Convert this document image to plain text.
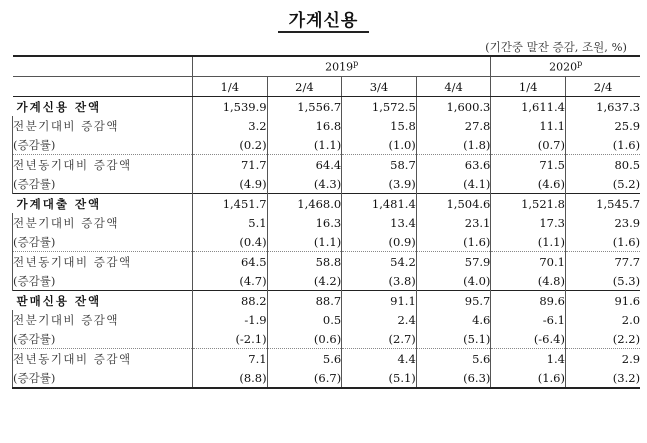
가계신용
(기간중 말잔 증감, 조원, %)
	2019$^p$				2020$^p$
	1/4	2/4	3/4	4/4	1/4	2/4
가계신용 잔액	1,539.9	1,556.7	1,572.5	1,600.3	1,611.4	1,637.3
전분기대비 증감액	3.2	16.8	15.8	27.8	11.1	25.9
(증감률)	(0.2)	(1.1)	(1.0)	(1.8)	(0.7)	(1.6)
전년동기대비 증감액	71.7	64.4	58.7	63.6	71.5	80.5
(증감률)	(4.9)	(4.3)	(3.9)	(4.1)	(4.6)	(5.2)
가계대출 잔액	1,451.7	1,468.0	1,481.4	1,504.6	1,521.8	1,545.7
전분기대비 증감액	5.1	16.3	13.4	23.1	17.3	23.9
(증감률)	(0.4)	(1.1)	(0.9)	(1.6)	(1.1)	(1.6)
전년동기대비 증감액	64.5	58.8	54.2	57.9	70.1	77.7
(증감률)	(4.7)	(4.2)	(3.8)	(4.0)	(4.8)	(5.3)
판매신용 잔액	88.2	88.7	91.1	95.7	89.6	91.6
전분기대비 증감액	-1.9	0.5	2.4	4.6	-6.1	2.0
(증감률)	(-2.1)	(0.6)	(2.7)	(5.1)	(-6.4)	(2.2)
전년동기대비 증감액	7.1	5.6	4.4	5.6	1.4	2.9
(증감률)	(8.8)	(6.7)	(5.1)	(6.3)	(1.6)	(3.2)
